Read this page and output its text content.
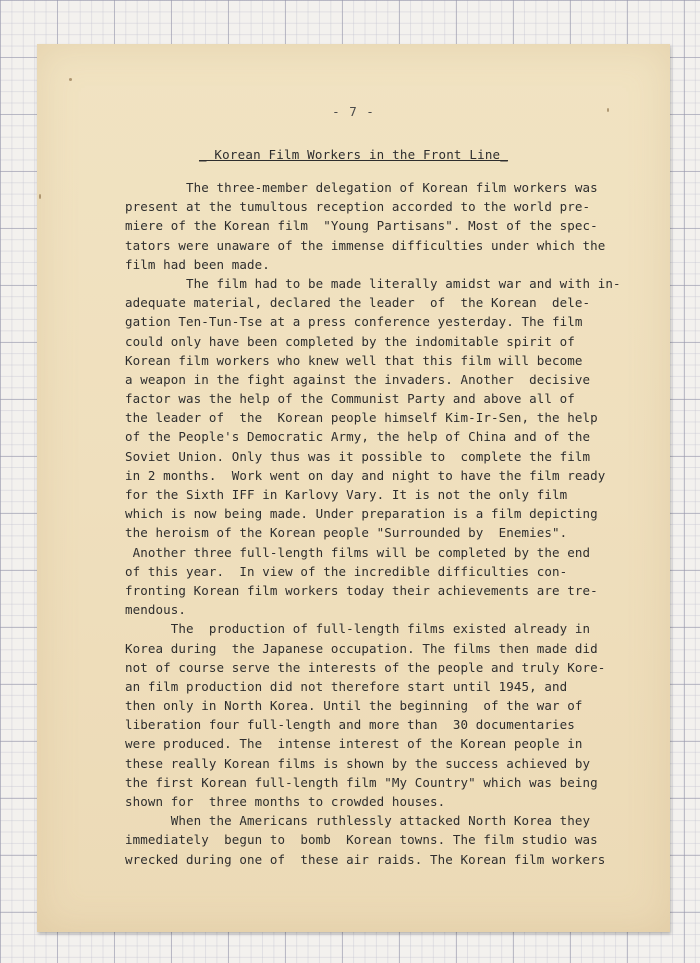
- 7 -
_ Korean Film Workers in the Front Line_
The three-member delegation of Korean film workers was
present at the tumultous reception accorded to the world pre-
miere of the Korean film  "Young Partisans". Most of the spec-
tators were unaware of the immense difficulties under which the
film had been made.
The film had to be made literally amidst war and with in-
adequate material, declared the leader  of  the Korean  dele-
gation Ten-Tun-Tse at a press conference yesterday. The film
could only have been completed by the indomitable spirit of
Korean film workers who knew well that this film will become
a weapon in the fight against the invaders. Another  decisive
factor was the help of the Communist Party and above all of
the leader of  the  Korean people himself Kim-Ir-Sen, the help
of the People's Democratic Army, the help of China and of the
Soviet Union. Only thus was it possible to  complete the film
in 2 months.  Work went on day and night to have the film ready
for the Sixth IFF in Karlovy Vary. It is not the only film
which is now being made. Under preparation is a film depicting
the heroism of the Korean people "Surrounded by  Enemies".
Another three full-length films will be completed by the end
of this year.  In view of the incredible difficulties con-
fronting Korean film workers today their achievements are tre-
mendous.
The  production of full-length films existed already in
Korea during  the Japanese occupation. The films then made did
not of course serve the interests of the people and truly Kore-
an film production did not therefore start until 1945, and
then only in North Korea. Until the beginning  of the war of
liberation four full-length and more than  30 documentaries
were produced. The  intense interest of the Korean people in
these really Korean films is shown by the success achieved by
the first Korean full-length film "My Country" which was being
shown for  three months to crowded houses.
When the Americans ruthlessly attacked North Korea they
immediately  begun to  bomb  Korean towns. The film studio was
wrecked during one of  these air raids. The Korean film workers
